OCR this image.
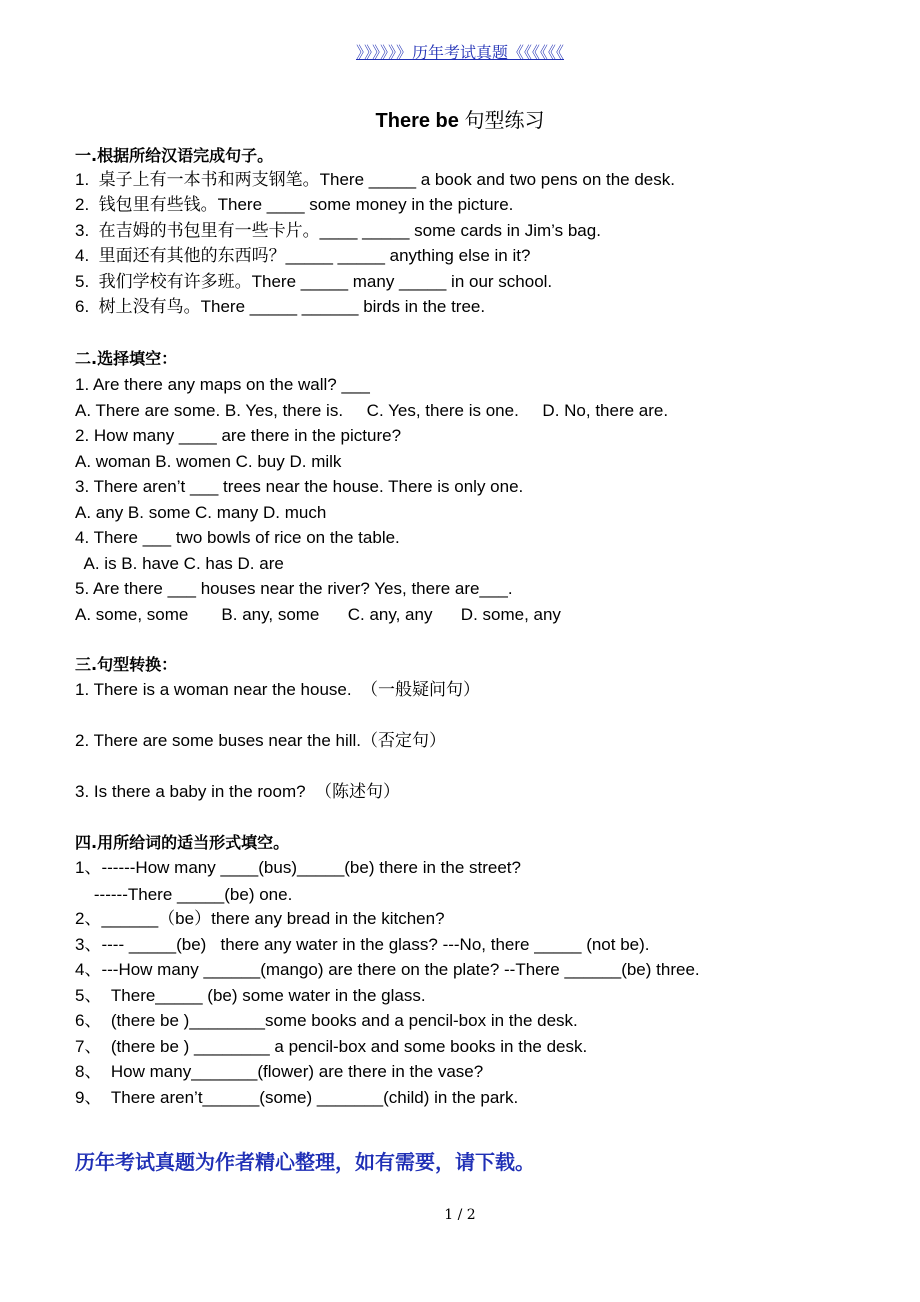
》》》》》》历年考试真题《《《《《《
There be 句型练习
一.根据所给汉语完成句子。
1.  桌子上有一本书和两支钢笔。There _____ a book and two pens on the desk.
2.  钱包里有些钱。There ____ some money in the picture.
3.  在吉姆的书包里有一些卡片。____ _____ some cards in Jim’s bag.
4.  里面还有其他的东西吗？_____ _____ anything else in it?
5.  我们学校有许多班。There _____ many _____ in our school.
6.  树上没有鸟。There _____ ______ birds in the tree.
二.选择填空：
1. Are there any maps on the wall? ___
A. There are some. B. Yes, there is.     C. Yes, there is one.     D. No, there are.
2. How many ____ are there in the picture?
A. woman B. women C. buy D. milk
3. There aren’t ___ trees near the house. There is only one.
A. any B. some C. many D. much
4. There ___ two bowls of rice on the table.
A. is B. have C. has D. are
5. Are there ___ houses near the river? Yes, there are___.
A. some, some       B. any, some      C. any, any      D. some, any
三.句型转换：
1. There is a woman near the house.  （一般疑问句）
2. There are some buses near the hill.（否定句）
3. Is there a baby in the room?  （陈述句）
四.用所给词的适当形式填空。
1、------How many ____(bus)_____(be) there in the street?
------There _____(be) one.
2、______（be）there any bread in the kitchen?
3、---- _____(be)   there any water in the glass? ---No, there _____ (not be).
4、---How many ______(mango) are there on the plate? --There ______(be) three.
5、  There_____ (be) some water in the glass.
6、  (there be )________some books and a pencil-box in the desk.
7、  (there be ) ________ a pencil-box and some books in the desk.
8、  How many_______(flower) are there in the vase?
9、  There aren’t______(some) _______(child) in the park.
历年考试真题为作者精心整理，如有需要，请下载。
1 / 2
